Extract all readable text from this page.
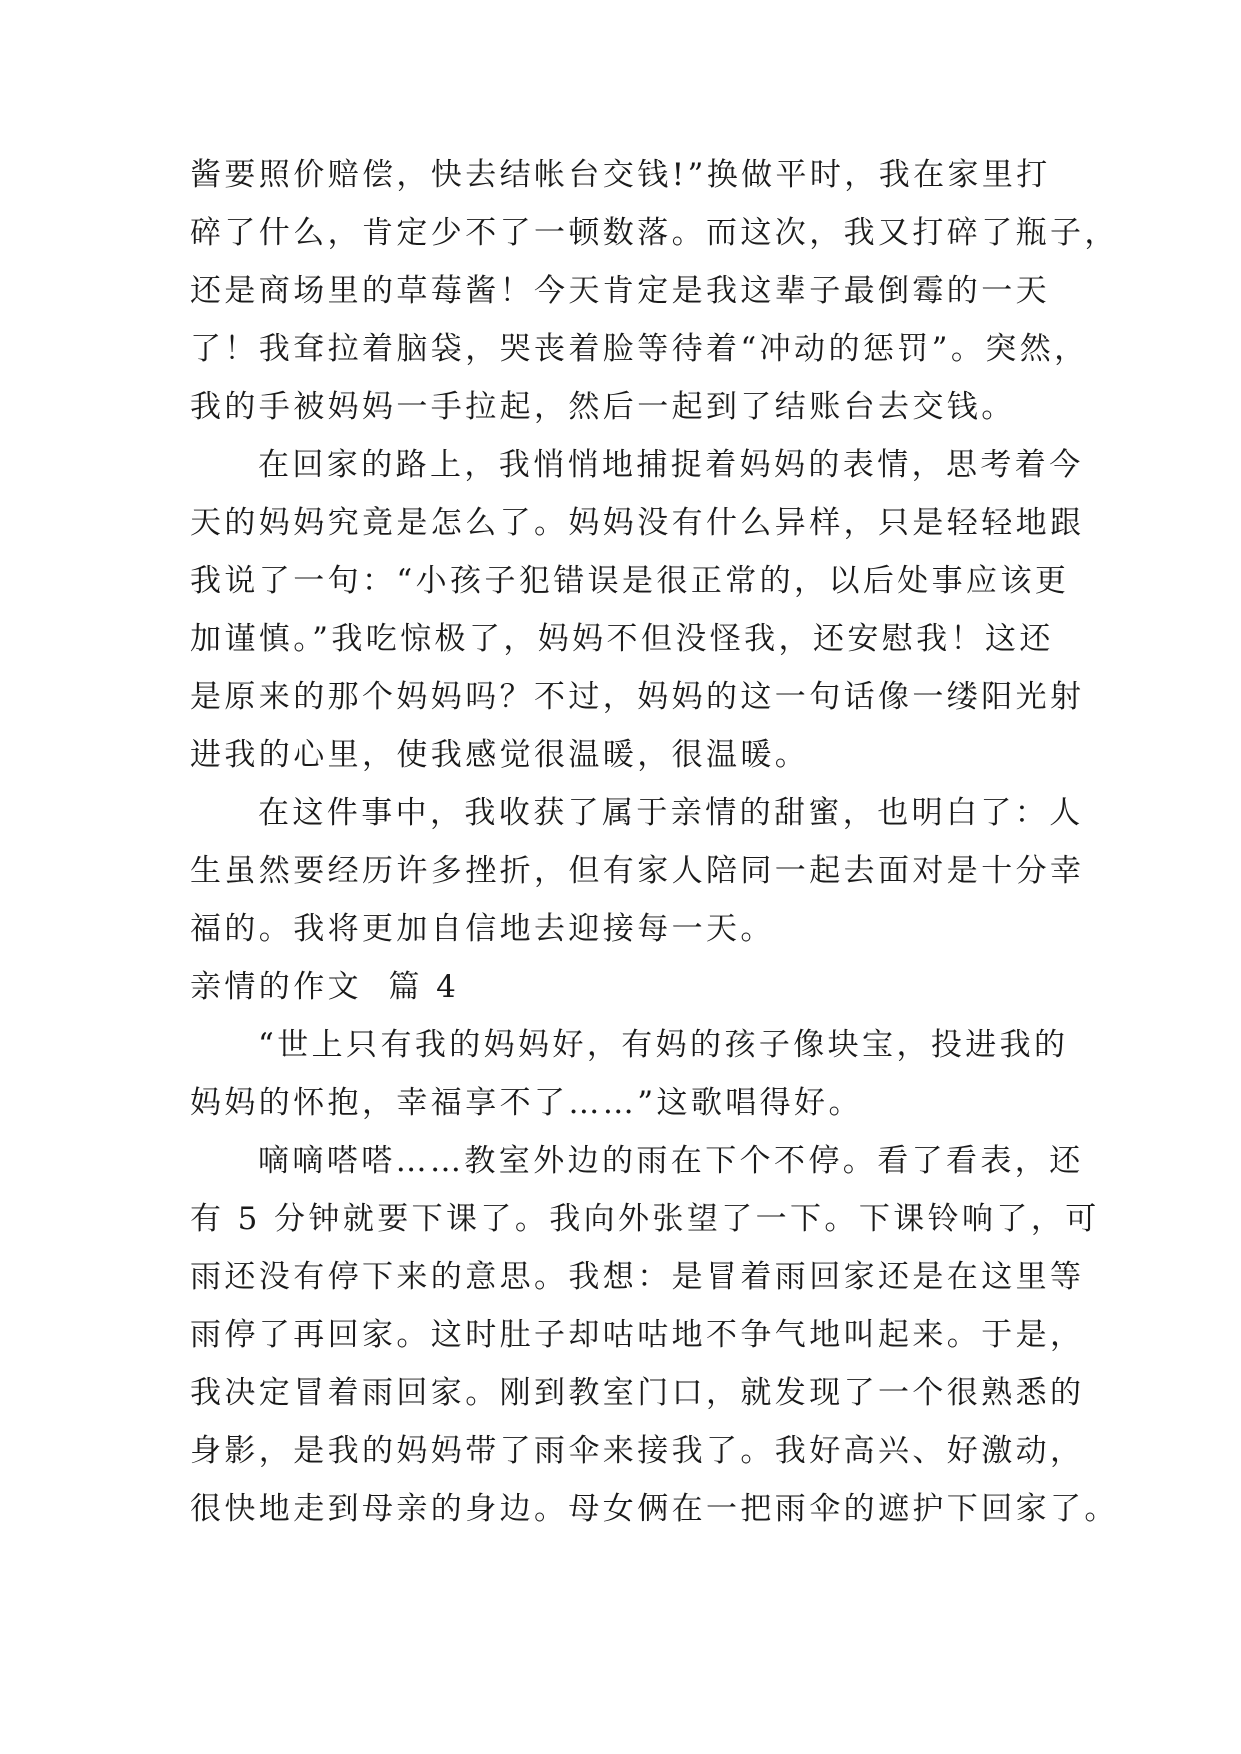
酱要照价赔偿，快去结帐台交钱!”换做平时，我在家里打
碎了什么，肯定少不了一顿数落。而这次，我又打碎了瓶子，
还是商场里的草莓酱！今天肯定是我这辈子最倒霉的一天
了！我耷拉着脑袋，哭丧着脸等待着“冲动的惩罚”。突然，
我的手被妈妈一手拉起，然后一起到了结账台去交钱。
在回家的路上，我悄悄地捕捉着妈妈的表情，思考着今
天的妈妈究竟是怎么了。妈妈没有什么异样，只是轻轻地跟
我说了一句：“小孩子犯错误是很正常的，以后处事应该更
加谨慎。”我吃惊极了，妈妈不但没怪我，还安慰我！这还
是原来的那个妈妈吗？不过，妈妈的这一句话像一缕阳光射
进我的心里，使我感觉很温暖，很温暖。
在这件事中，我收获了属于亲情的甜蜜，也明白了：人
生虽然要经历许多挫折，但有家人陪同一起去面对是十分幸
福的。我将更加自信地去迎接每一天。
亲情的作文  篇 4
“世上只有我的妈妈好，有妈的孩子像块宝，投进我的
妈妈的怀抱，幸福享不了……”这歌唱得好。
嘀嘀嗒嗒……教室外边的雨在下个不停。看了看表，还
有 5 分钟就要下课了。我向外张望了一下。下课铃响了，可
雨还没有停下来的意思。我想：是冒着雨回家还是在这里等
雨停了再回家。这时肚子却咕咕地不争气地叫起来。于是，
我决定冒着雨回家。刚到教室门口，就发现了一个很熟悉的
身影，是我的妈妈带了雨伞来接我了。我好高兴、好激动，
很快地走到母亲的身边。母女俩在一把雨伞的遮护下回家了。
